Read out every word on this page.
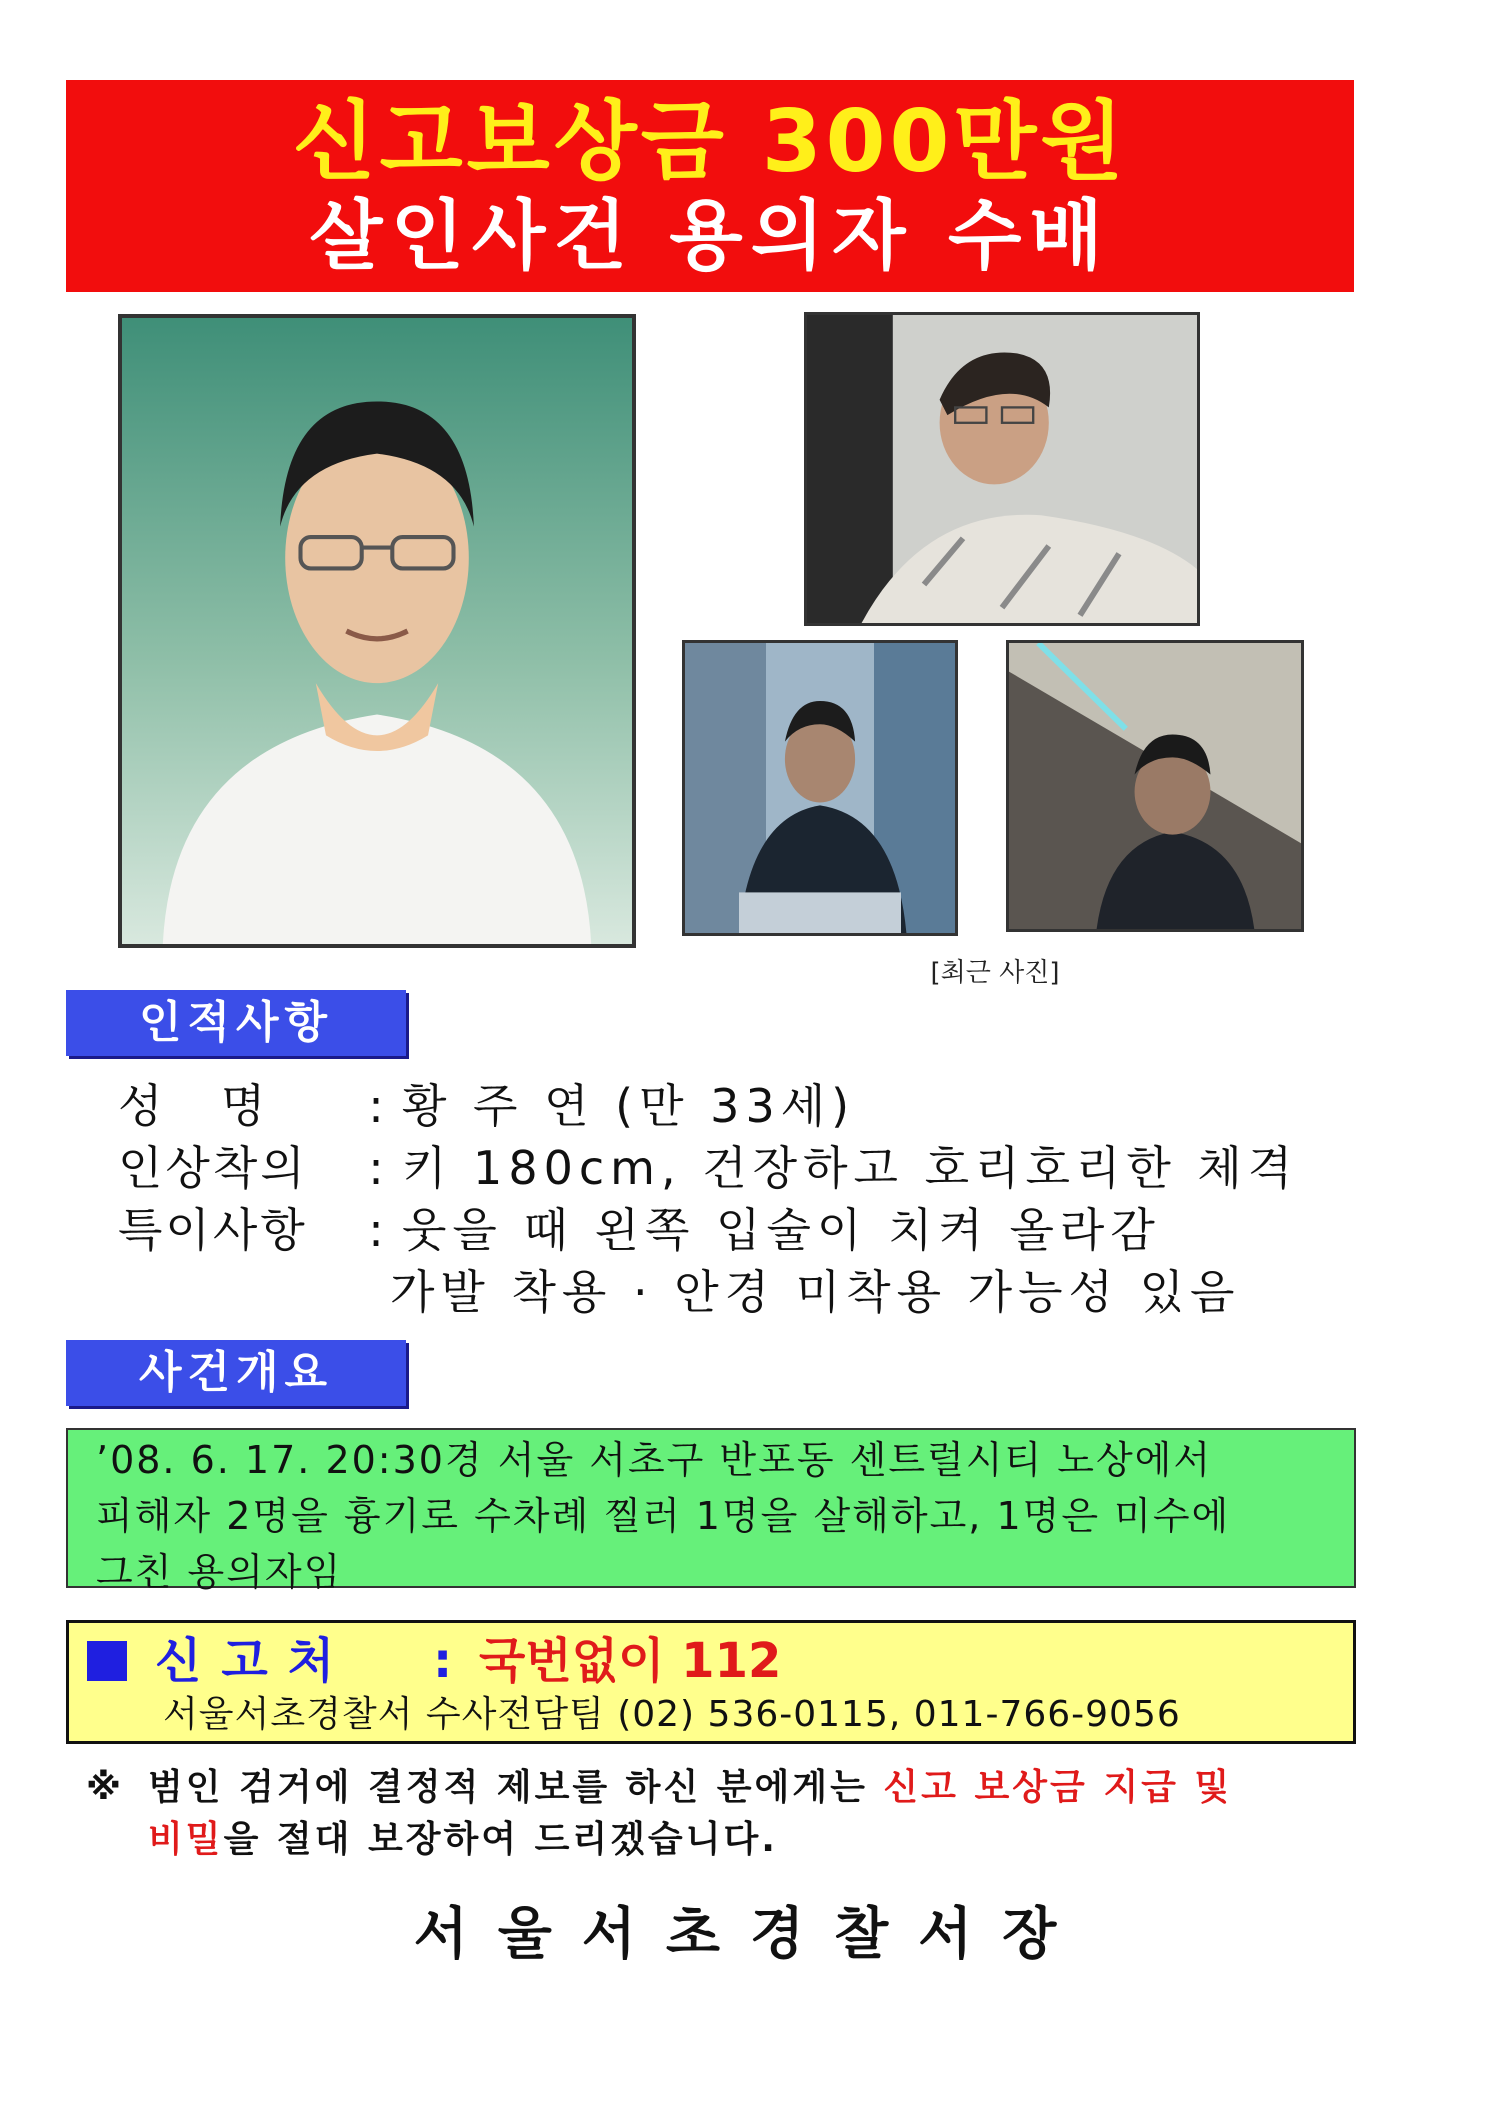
신고보상금 300만원
살인사건 용의자 수배
[최근 사진]
인적사항
성    명 : 황 주 연 (만 33세)
인상착의 : 키 180cm, 건장하고 호리호리한 체격
특이사항 : 웃을 때 왼쪽 입술이 치켜 올라감
가발 착용 · 안경 미착용 가능성 있음
사건개요
’08. 6. 17. 20:30경 서울 서초구 반포동 센트럴시티 노상에서
피해자 2명을 흉기로 수차례 찔러 1명을 살해하고, 1명은 미수에
그친 용의자임
신고처 : 국번없이 112
서울서초경찰서 수사전담팀 (02) 536-0115, 011-766-9056
※ 범인 검거에 결정적 제보를 하신 분에게는 신고 보상금 지급 및
비밀을 절대 보장하여 드리겠습니다.
서울서초경찰서장
